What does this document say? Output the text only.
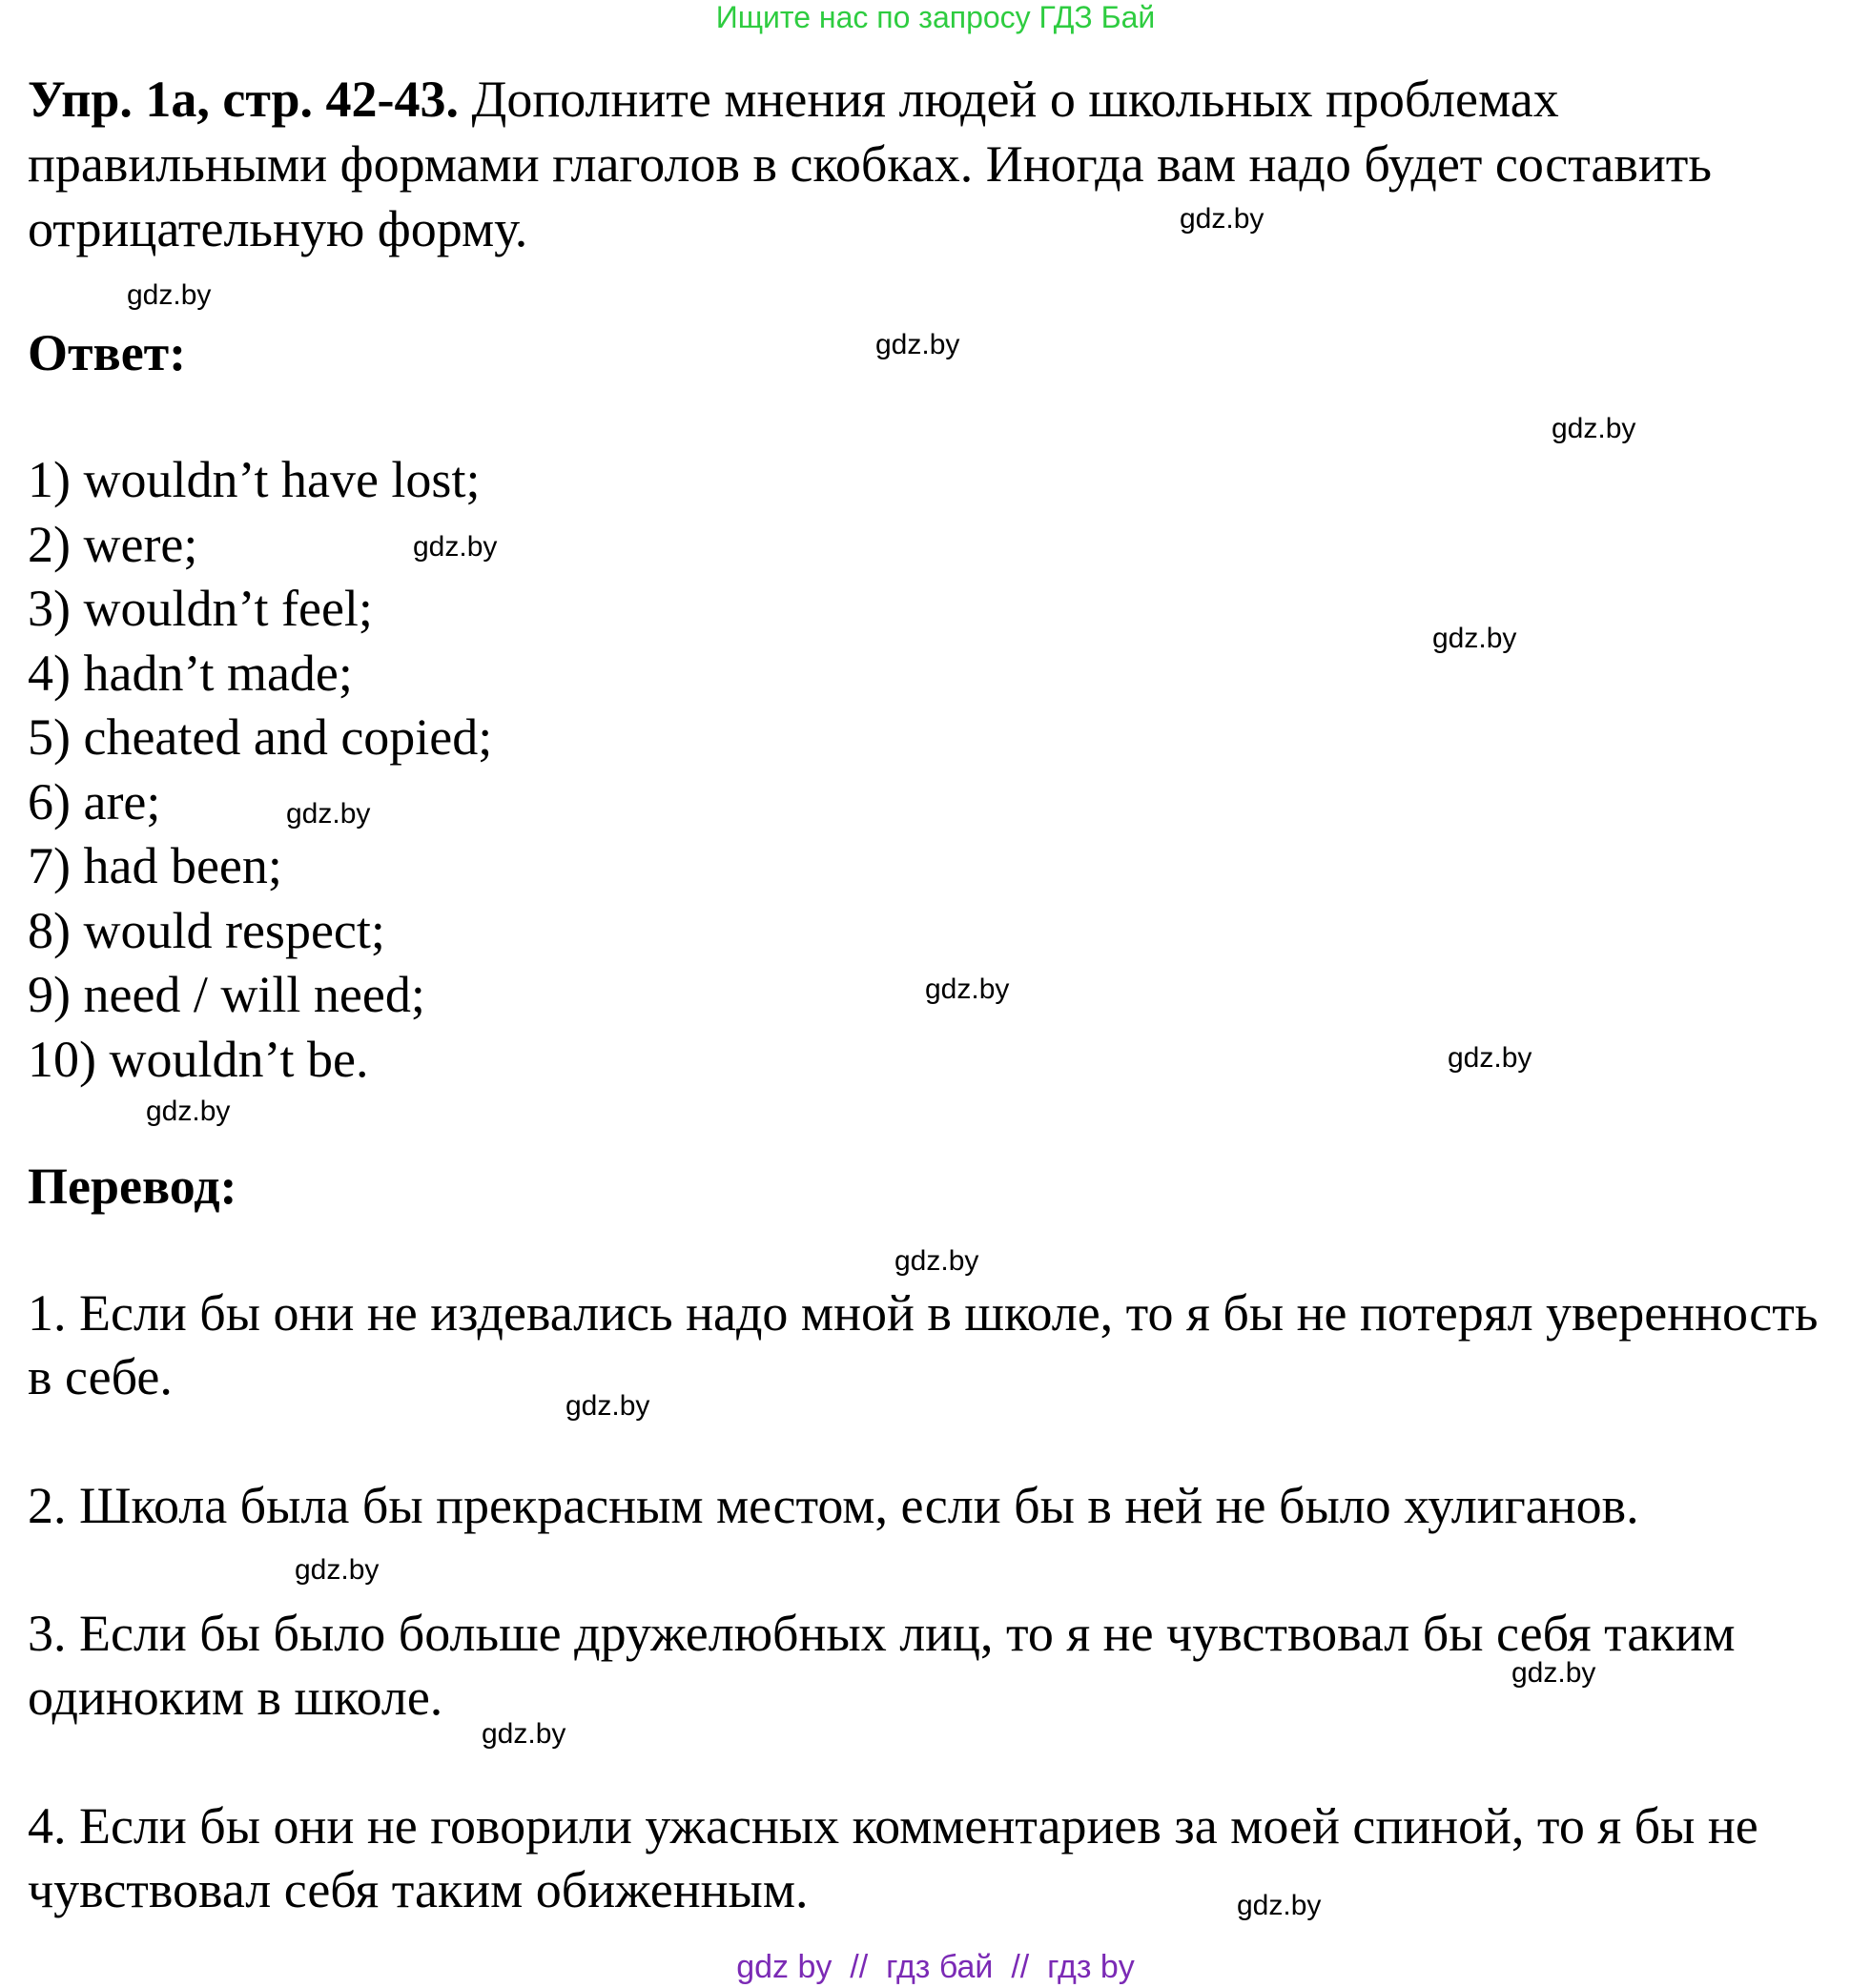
Ищите нас по запросу ГДЗ Бай
Упр. 1а, стр. 42-43. Дополните мнения людей о школьных проблемах правильными формами глаголов в скобках. Иногда вам надо будет составить отрицательную форму.
Ответ:
1) wouldn’t have lost;
2) were;
3) wouldn’t feel;
4) hadn’t made;
5) cheated and copied;
6) are;
7) had been;
8) would respect;
9) need / will need;
10) wouldn’t be.
Перевод:

1. Если бы они не издевались надо мной в школе, то я бы не потерял уверенность в себе.

2. Школа была бы прекрасным местом, если бы в ней не было хулиганов.

3. Если бы было больше дружелюбных лиц, то я не чувствовал бы себя таким одиноким в школе.

4. Если бы они не говорили ужасных комментариев за моей спиной, то я бы не чувствовал себя таким обиженным.

gdz.by
gdz.by
gdz.by
gdz.by
gdz.by
gdz.by
gdz.by
gdz.by
gdz.by
gdz.by
gdz.by
gdz.by
gdz.by
gdz.by
gdz.by
gdz.by
gdz by  //  гдз бай  //  гдз by
